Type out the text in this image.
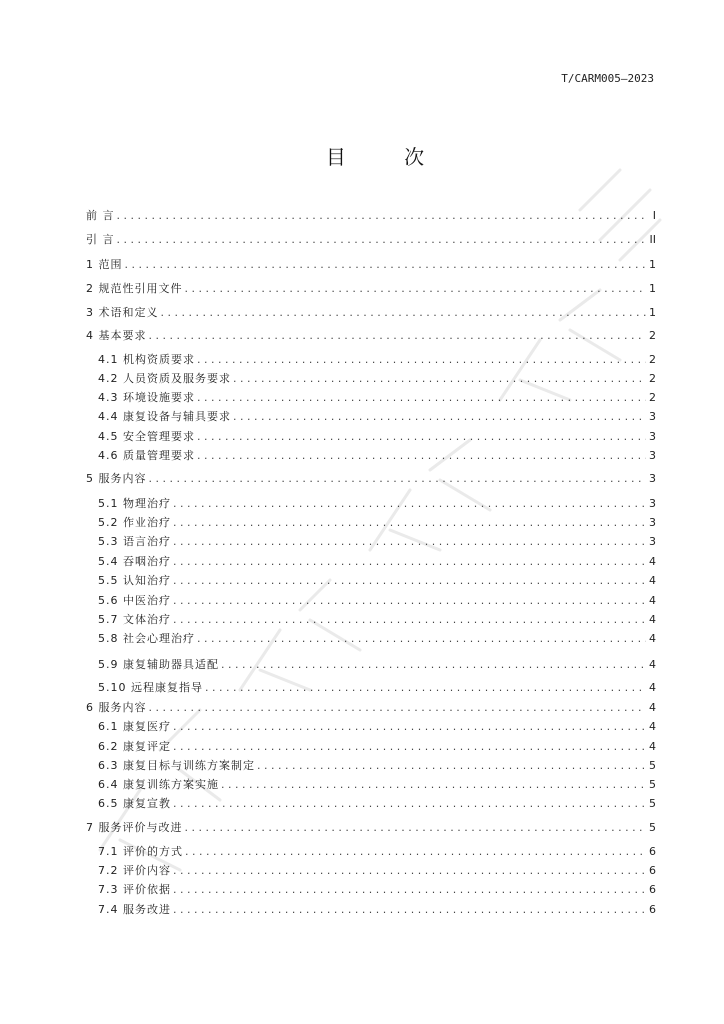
T/CARM005—2023
目 次
前 言 . . .	I
引 言 . . .	II
1 范围 . . .	1
2 规范性引用文件 . . .	1
3 术语和定义 . . .	1
4 基本要求 . . .	2
4.1 机构资质要求 . . .	2
4.2 人员资质及服务要求 . . .	2
4.3 环境设施要求 . . .	2
4.4 康复设备与辅具要求 . . .	3
4.5 安全管理要求 . . .	3
4.6 质量管理要求 . . .	3
5 服务内容 . . .	3
5.1 物理治疗 . . .	3
5.2 作业治疗 . . .	3
5.3 语言治疗 . . .	3
5.4 吞咽治疗 . . .	4
5.5 认知治疗 . . .	4
5.6 中医治疗 . . .	4
5.7 文体治疗 . . .	4
5.8 社会心理治疗 . . .	4
5.9 康复辅助器具适配 . . .	4
5.10 远程康复指导 . . .	4
6 服务内容 . . .	4
6.1 康复医疗 . . .	4
6.2 康复评定 . . .	4
6.3 康复目标与训练方案制定 . . .	5
6.4 康复训练方案实施 . . .	5
6.5 康复宣教 . . .	5
7 服务评价与改进 . . .	5
7.1 评价的方式 . . .	6
7.2 评价内容 . . .	6
7.3 评价依据 . . .	6
7.4 服务改进 . . .	6
